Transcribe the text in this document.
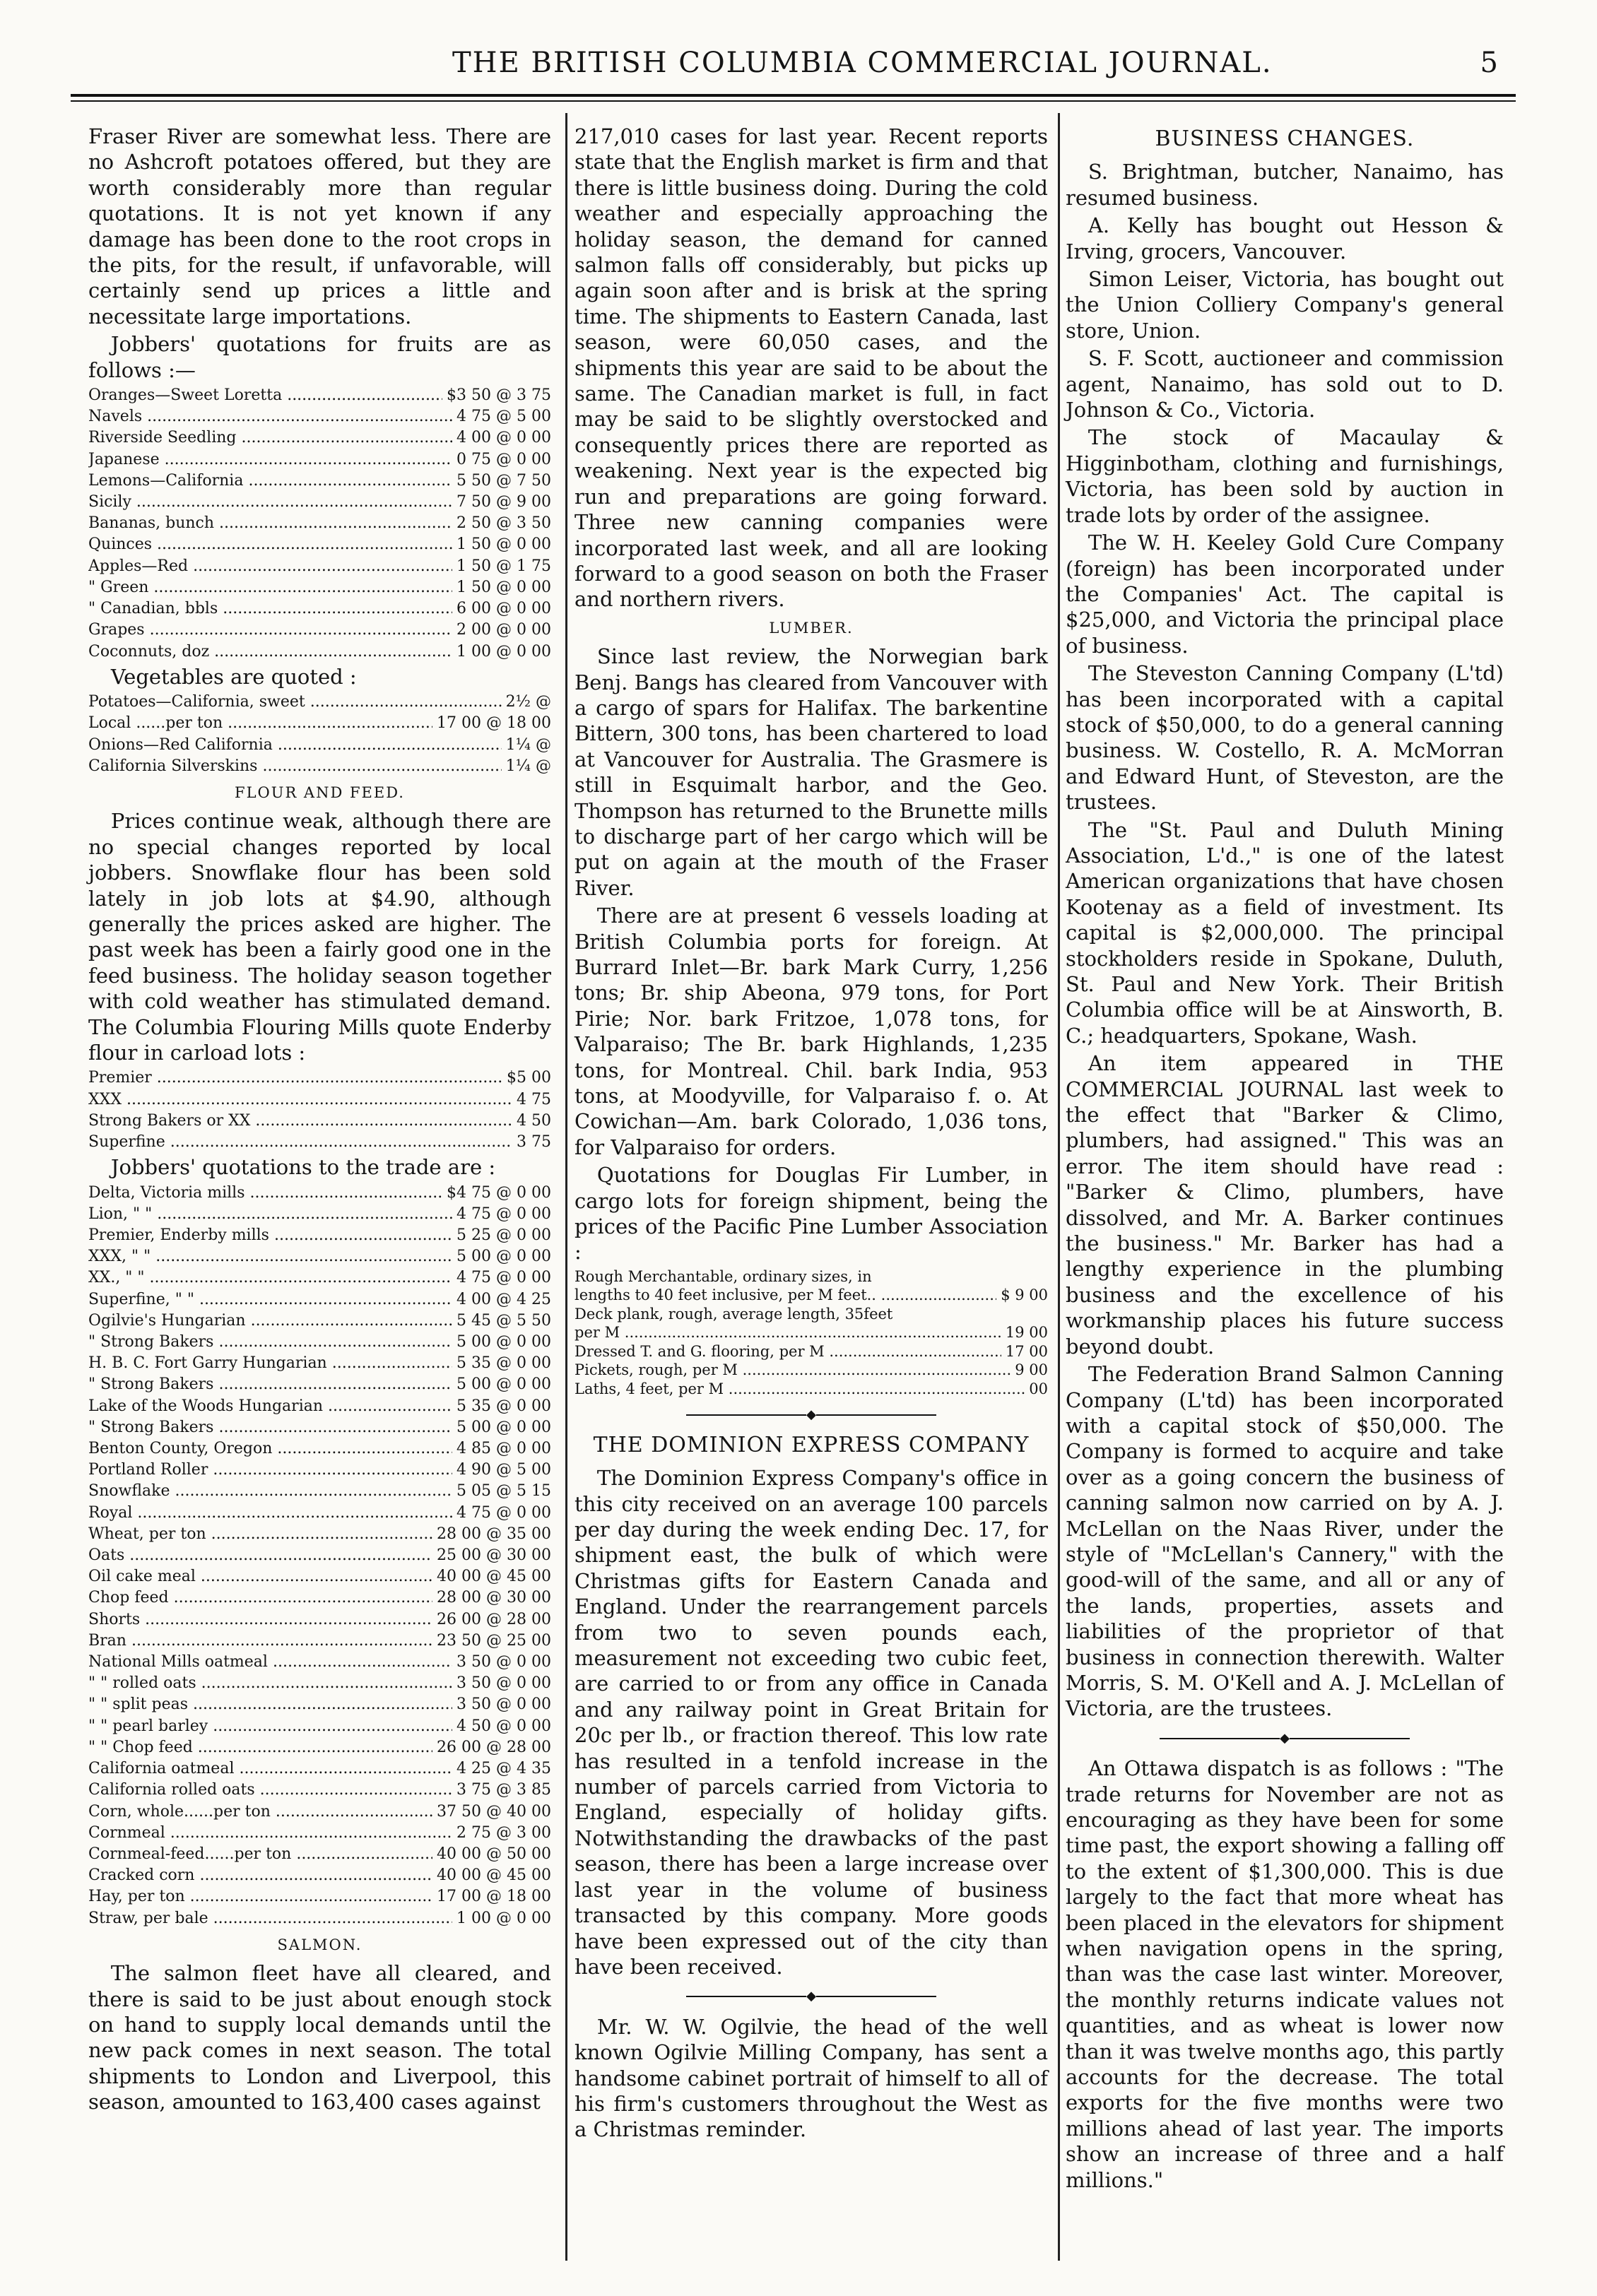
THE BRITISH COLUMBIA COMMERCIAL JOURNAL.	5

Fraser River are somewhat less. There are no Ashcroft potatoes offered, but they are worth considerably more than regular quotations. It is not yet known if any damage has been done to the root crops in the pits, for the result, if unfavorable, will certainly send up prices a little and necessitate large importations.

Jobbers' quotations for fruits are as follows :—

Oranges—Sweet Loretta .....	$3 50 @ 3 75
Navels .....	4 75 @ 5 00
Riverside Seedling .....	4 00 @ 0 00
Japanese .....	0 75 @ 0 00
Lemons—California .....	5 50 @ 7 50
Sicily .....	7 50 @ 9 00
Bananas, bunch .....	2 50 @ 3 50
Quinces .....	1 50 @ 0 00
Apples—Red .....	1 50 @ 1 75
" Green .....	1 50 @ 0 00
" Canadian, bbls .....	6 00 @ 0 00
Grapes .....	2 00 @ 0 00
Coconnuts, doz .....	1 00 @ 0 00

Vegetables are quoted :

Potatoes—California, sweet .....	2½ @
Local ......per ton .....	17 00 @ 18 00
Onions—Red California .....	1¼ @
California Silverskins .....	1¼ @
FLOUR AND FEED.

Prices continue weak, although there are no special changes reported by local jobbers. Snowflake flour has been sold lately in job lots at $4.90, although generally the prices asked are higher. The past week has been a fairly good one in the feed business. The holiday season together with cold weather has stimulated demand. The Columbia Flouring Mills quote Enderby flour in carload lots :

Premier .....	$5 00
XXX .....	4 75
Strong Bakers or XX .....	4 50
Superfine .....	3 75

Jobbers' quotations to the trade are :

Delta, Victoria mills .....	$4 75 @ 0 00
Lion, " " .....	4 75 @ 0 00
Premier, Enderby mills .....	5 25 @ 0 00
XXX, " " .....	5 00 @ 0 00
XX., " " .....	4 75 @ 0 00
Superfine, " " .....	4 00 @ 4 25
Ogilvie's Hungarian .....	5 45 @ 5 50
" Strong Bakers .....	5 00 @ 0 00
H. B. C. Fort Garry Hungarian .....	5 35 @ 0 00
" Strong Bakers .....	5 00 @ 0 00
Lake of the Woods Hungarian .....	5 35 @ 0 00
" Strong Bakers .....	5 00 @ 0 00
Benton County, Oregon .....	4 85 @ 0 00
Portland Roller .....	4 90 @ 5 00
Snowflake .....	5 05 @ 5 15
Royal .....	4 75 @ 0 00
Wheat, per ton .....	28 00 @ 35 00
Oats .....	25 00 @ 30 00
Oil cake meal .....	40 00 @ 45 00
Chop feed .....	28 00 @ 30 00
Shorts .....	26 00 @ 28 00
Bran .....	23 50 @ 25 00
National Mills oatmeal .....	3 50 @ 0 00
" " rolled oats .....	3 50 @ 0 00
" " split peas .....	3 50 @ 0 00
" " pearl barley .....	4 50 @ 0 00
" " Chop feed .....	26 00 @ 28 00
California oatmeal .....	4 25 @ 4 35
California rolled oats .....	3 75 @ 3 85
Corn, whole......per ton .....	37 50 @ 40 00
Cornmeal .....	2 75 @ 3 00
Cornmeal-feed......per ton .....	40 00 @ 50 00
Cracked corn .....	40 00 @ 45 00
Hay, per ton .....	17 00 @ 18 00
Straw, per bale .....	1 00 @ 0 00
SALMON.

The salmon fleet have all cleared, and there is said to be just about enough stock on hand to supply local demands until the new pack comes in next season. The total shipments to London and Liverpool, this season, amounted to 163,400 cases against

217,010 cases for last year. Recent reports state that the English market is firm and that there is little business doing. During the cold weather and especially approaching the holiday season, the demand for canned salmon falls off considerably, but picks up again soon after and is brisk at the spring time. The shipments to Eastern Canada, last season, were 60,050 cases, and the shipments this year are said to be about the same. The Canadian market is full, in fact may be said to be slightly overstocked and consequently prices there are reported as weakening. Next year is the expected big run and preparations are going forward. Three new canning companies were incorporated last week, and all are looking forward to a good season on both the Fraser and northern rivers.

LUMBER.

Since last review, the Norwegian bark Benj. Bangs has cleared from Vancouver with a cargo of spars for Halifax. The barkentine Bittern, 300 tons, has been chartered to load at Vancouver for Australia. The Grasmere is still in Esquimalt harbor, and the Geo. Thompson has returned to the Brunette mills to discharge part of her cargo which will be put on again at the mouth of the Fraser River.

There are at present 6 vessels loading at British Columbia ports for foreign. At Burrard Inlet—Br. bark Mark Curry, 1,256 tons; Br. ship Abeona, 979 tons, for Port Pirie; Nor. bark Fritzoe, 1,078 tons, for Valparaiso; The Br. bark Highlands, 1,235 tons, for Montreal. Chil. bark India, 953 tons, at Moodyville, for Valparaiso f. o. At Cowichan—Am. bark Colorado, 1,036 tons, for Valparaiso for orders.

Quotations for Douglas Fir Lumber, in cargo lots for foreign shipment, being the prices of the Pacific Pine Lumber Association :

Rough Merchantable, ordinary sizes, in
lengths to 40 feet inclusive, per M feet.. .....	$ 9 00
Deck plank, rough, average length, 35feet
per M .....	19 00
Dressed T. and G. flooring, per M .....	17 00
Pickets, rough, per M .....	9 00
Laths, 4 feet, per M .....	00
◆
THE DOMINION EXPRESS COMPANY

The Dominion Express Company's office in this city received on an average 100 parcels per day during the week ending Dec. 17, for shipment east, the bulk of which were Christmas gifts for Eastern Canada and England. Under the rearrangement parcels from two to seven pounds each, measurement not exceeding two cubic feet, are carried to or from any office in Canada and any railway point in Great Britain for 20c per lb., or fraction thereof. This low rate has resulted in a tenfold increase in the number of parcels carried from Victoria to England, especially of holiday gifts. Notwithstanding the drawbacks of the past season, there has been a large increase over last year in the volume of business transacted by this company. More goods have been expressed out of the city than have been received.

◆

Mr. W. W. Ogilvie, the head of the well known Ogilvie Milling Company, has sent a handsome cabinet portrait of himself to all of his firm's customers throughout the West as a Christmas reminder.

BUSINESS CHANGES.

S. Brightman, butcher, Nanaimo, has resumed business.

A. Kelly has bought out Hesson & Irving, grocers, Vancouver.

Simon Leiser, Victoria, has bought out the Union Colliery Company's general store, Union.

S. F. Scott, auctioneer and commission agent, Nanaimo, has sold out to D. Johnson & Co., Victoria.

The stock of Macaulay & Higginbotham, clothing and furnishings, Victoria, has been sold by auction in trade lots by order of the assignee.

The W. H. Keeley Gold Cure Company (foreign) has been incorporated under the Companies' Act. The capital is $25,000, and Victoria the principal place of business.

The Steveston Canning Company (L'td) has been incorporated with a capital stock of $50,000, to do a general canning business. W. Costello, R. A. McMorran and Edward Hunt, of Steveston, are the trustees.

The "St. Paul and Duluth Mining Association, L'd.," is one of the latest American organizations that have chosen Kootenay as a field of investment. Its capital is $2,000,000. The principal stockholders reside in Spokane, Duluth, St. Paul and New York. Their British Columbia office will be at Ainsworth, B. C.; headquarters, Spokane, Wash.

An item appeared in THE COMMERCIAL JOURNAL last week to the effect that "Barker & Climo, plumbers, had assigned." This was an error. The item should have read : "Barker & Climo, plumbers, have dissolved, and Mr. A. Barker continues the business." Mr. Barker has had a lengthy experience in the plumbing business and the excellence of his workmanship places his future success beyond doubt.

The Federation Brand Salmon Canning Company (L'td) has been incorporated with a capital stock of $50,000. The Company is formed to acquire and take over as a going concern the business of canning salmon now carried on by A. J. McLellan on the Naas River, under the style of "McLellan's Cannery," with the good-will of the same, and all or any of the lands, properties, assets and liabilities of the proprietor of that business in connection therewith. Walter Morris, S. M. O'Kell and A. J. McLellan of Victoria, are the trustees.

◆

An Ottawa dispatch is as follows : "The trade returns for November are not as encouraging as they have been for some time past, the export showing a falling off to the extent of $1,300,000. This is due largely to the fact that more wheat has been placed in the elevators for shipment when navigation opens in the spring, than was the case last winter. Moreover, the monthly returns indicate values not quantities, and as wheat is lower now than it was twelve months ago, this partly accounts for the decrease. The total exports for the five months were two millions ahead of last year. The imports show an increase of three and a half millions."
